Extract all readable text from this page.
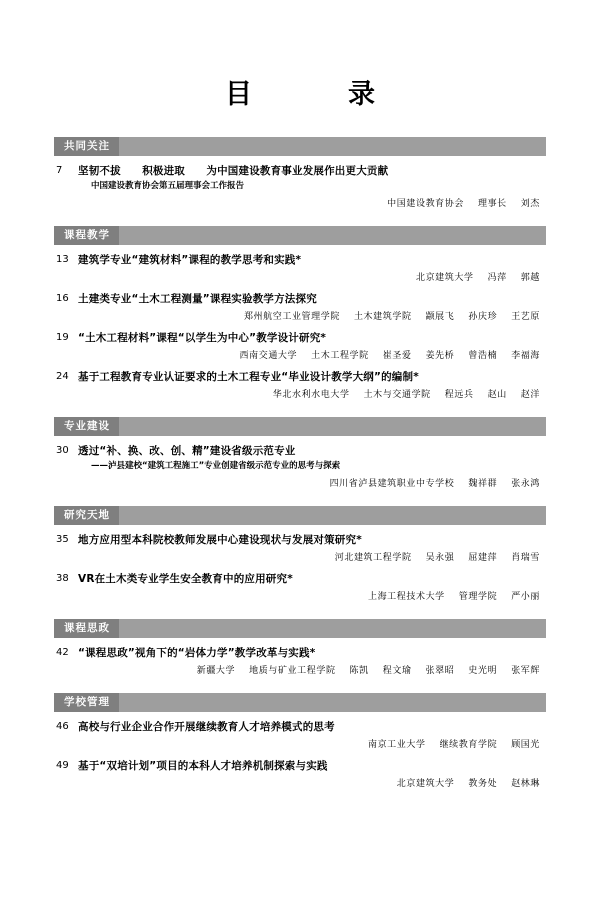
目　　录
共同关注
7	坚韧不拔　　积极进取　　为中国建设教育事业发展作出更大贡献
中国建设教育协会第五届理事会工作报告
中国建设教育协会 理事长 刘杰
课程教学
13 建筑学专业“建筑材料”课程的教学思考和实践*
北京建筑大学 冯萍 郭越
16 土建类专业“土木工程测量”课程实验教学方法探究
郑州航空工业管理学院 土木建筑学院 颛展飞 孙庆珍 王艺原
19 “土木工程材料”课程“以学生为中心”教学设计研究*
西南交通大学 土木工程学院 崔圣爱 姜先桥 曾浩楠 李福海
24 基于工程教育专业认证要求的土木工程专业“毕业设计教学大纲”的编制*
华北水利水电大学 土木与交通学院 程远兵 赵山 赵洋
专业建设
30 透过“补、换、改、创、精”建设省级示范专业
——泸县建校“建筑工程施工”专业创建省级示范专业的思考与探索
四川省泸县建筑职业中专学校 魏祥群 张永鸿
研究天地
35 地方应用型本科院校教师发展中心建设现状与发展对策研究*
河北建筑工程学院 吴永强 屈建萍 肖瑞雪
38 VR在土木类专业学生安全教育中的应用研究*
上海工程技术大学 管理学院 严小丽
课程思政
42 “课程思政”视角下的“岩体力学”教学改革与实践*
新疆大学 地质与矿业工程学院 陈凯 程文瑜 张翠昭 史光明 张军辉
学校管理
46 高校与行业企业合作开展继续教育人才培养模式的思考
南京工业大学 继续教育学院 顾国光
49 基于“双培计划”项目的本科人才培养机制探索与实践
北京建筑大学 教务处 赵林琳
